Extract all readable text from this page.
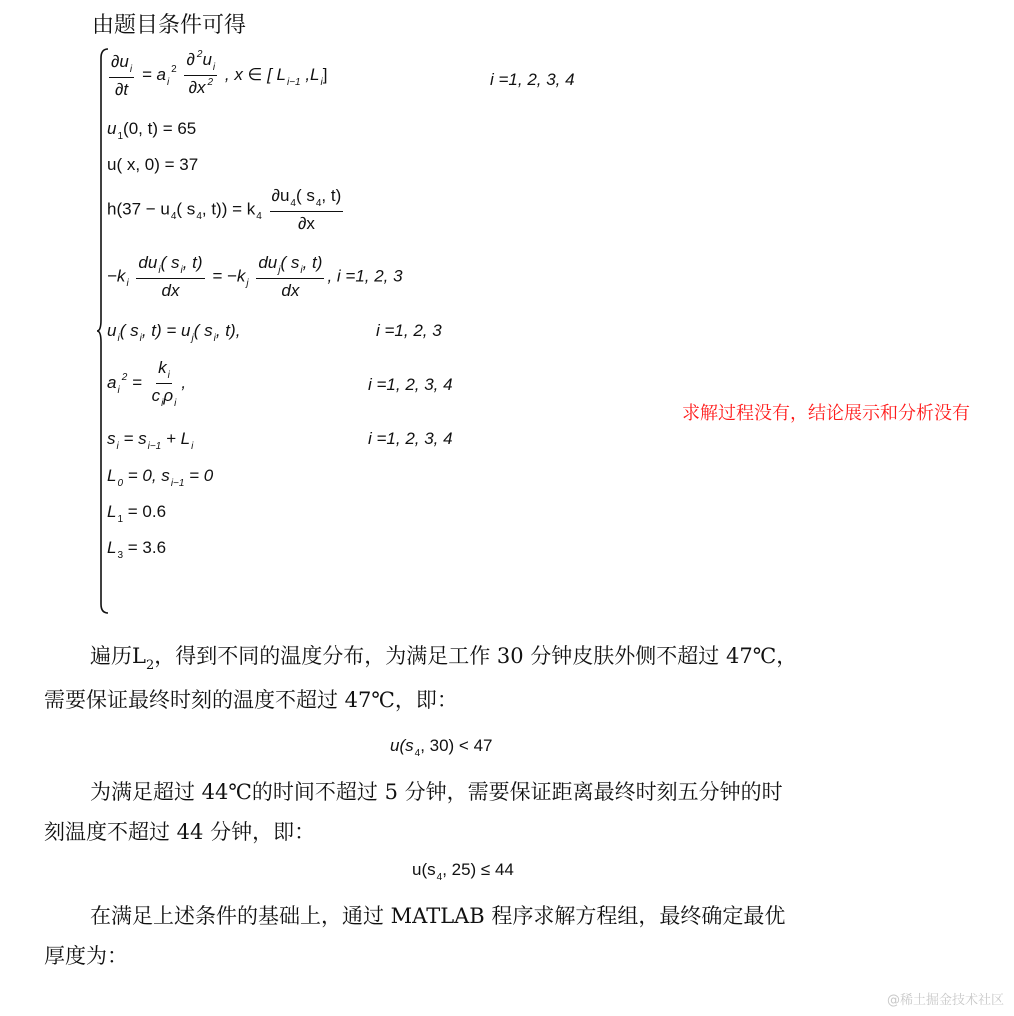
由题目条件可得
$\frac{\partial u_i}{\partial t} = a_i^2 \frac{\partial ^2u_i}{\partial x ^2}$ , x ∈ [ $L_{i-1}$ $,L_i$]	i =1, 2, 3, 4
$u_1(0$, t) = 65
u( x, 0) = 37
$h(37 - u_4$( $s_4$, $t)) = k_4 \frac{\partial u_4( s_4, t)}{\partial x}$
$-k_i \frac{du_i( s_i, t)}{dx} = -k_j \frac{du_j( s_i, t)}{dx}$ , i =1, 2, 3
$u_i$( $s_i$, $t) = u_j$( $s_i$, t),	i =1, 2, 3
$a_i^2 = \frac{k_i}{c_i\rho_i}$ ,	i =1, 2, 3, 4
$s_i = s_{i-1} + L_i$	i =1, 2, 3, 4
$L_0 = 0$, $s_{i-1} = 0$
$L_1 = 0.6$
$L_3 = 3.6$
求解过程没有，结论展示和分析没有
遍历$L_2$，得到不同的温度分布，为满足工作 30 分钟皮肤外侧不超过 47℃，
需要保证最终时刻的温度不超过 47℃，即：
$u(s_4$, 30) < 47
为满足超过 44℃的时间不超过 5 分钟，需要保证距离最终时刻五分钟的时
刻温度不超过 44 分钟，即：
$u(s_4$, 25) ≤ 44
在满足上述条件的基础上，通过 MATLAB 程序求解方程组，最终确定最优
厚度为：
@稀土掘金技术社区
